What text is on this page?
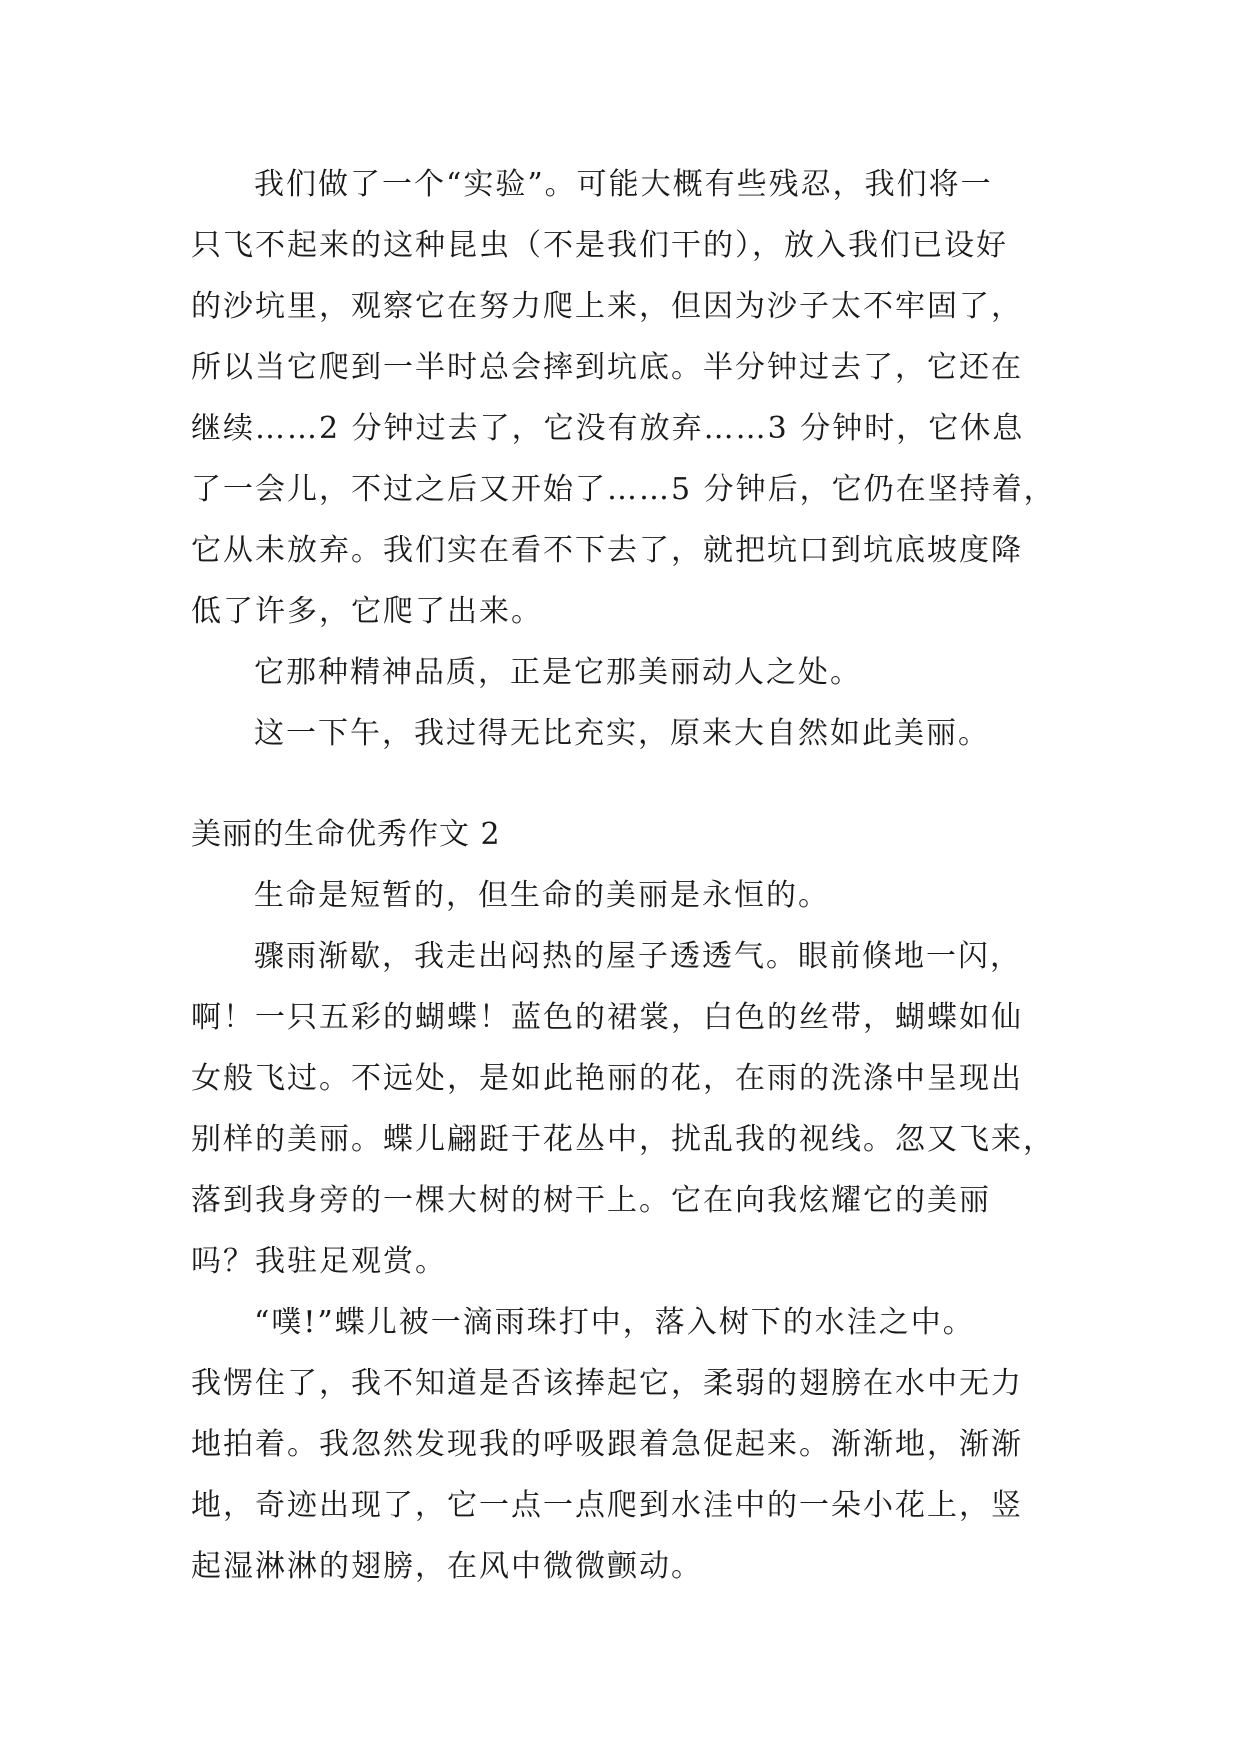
我们做了一个“实验”。可能大概有些残忍，我们将一
只飞不起来的这种昆虫（不是我们干的），放入我们已设好
的沙坑里，观察它在努力爬上来，但因为沙子太不牢固了，
所以当它爬到一半时总会摔到坑底。半分钟过去了，它还在
继续……2 分钟过去了，它没有放弃……3 分钟时，它休息
了一会儿，不过之后又开始了……5 分钟后，它仍在坚持着，
它从未放弃。我们实在看不下去了，就把坑口到坑底坡度降
低了许多，它爬了出来。

它那种精神品质，正是它那美丽动人之处。

这一下午，我过得无比充实，原来大自然如此美丽。

美丽的生命优秀作文 2

生命是短暂的，但生命的美丽是永恒的。

骤雨渐歇，我走出闷热的屋子透透气。眼前倏地一闪，
啊！一只五彩的蝴蝶！蓝色的裙裳，白色的丝带，蝴蝶如仙
女般飞过。不远处，是如此艳丽的花，在雨的洗涤中呈现出
别样的美丽。蝶儿翩跹于花丛中，扰乱我的视线。忽又飞来，
落到我身旁的一棵大树的树干上。它在向我炫耀它的美丽
吗？我驻足观赏。

“噗!”蝶儿被一滴雨珠打中，落入树下的水洼之中。
我愣住了，我不知道是否该捧起它，柔弱的翅膀在水中无力
地拍着。我忽然发现我的呼吸跟着急促起来。渐渐地，渐渐
地，奇迹出现了，它一点一点爬到水洼中的一朵小花上，竖
起湿淋淋的翅膀，在风中微微颤动。
